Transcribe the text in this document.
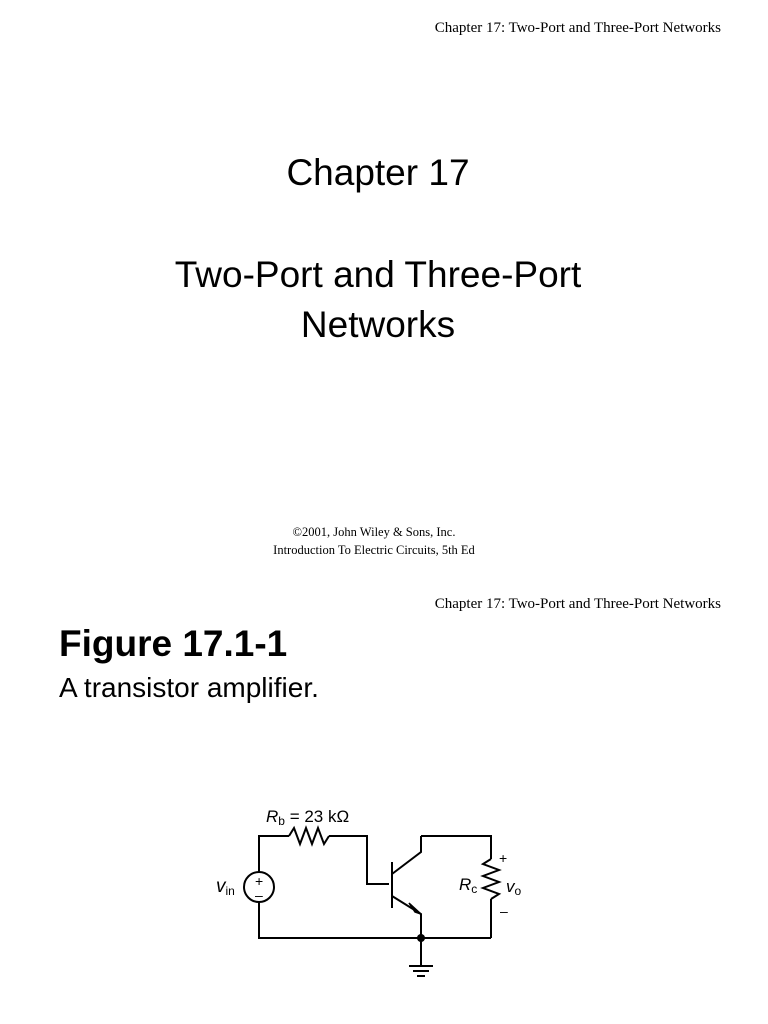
Chapter 17: Two-Port and Three-Port Networks
Chapter 17
Two-Port and Three-Port
Networks
©2001, John Wiley & Sons, Inc.
Introduction To Electric Circuits, 5th Ed
Chapter 17: Two-Port and Three-Port Networks
Figure 17.1-1
A transistor amplifier.
Rb = 23 kΩ
+
–
vin	Rc
+
vo
–
